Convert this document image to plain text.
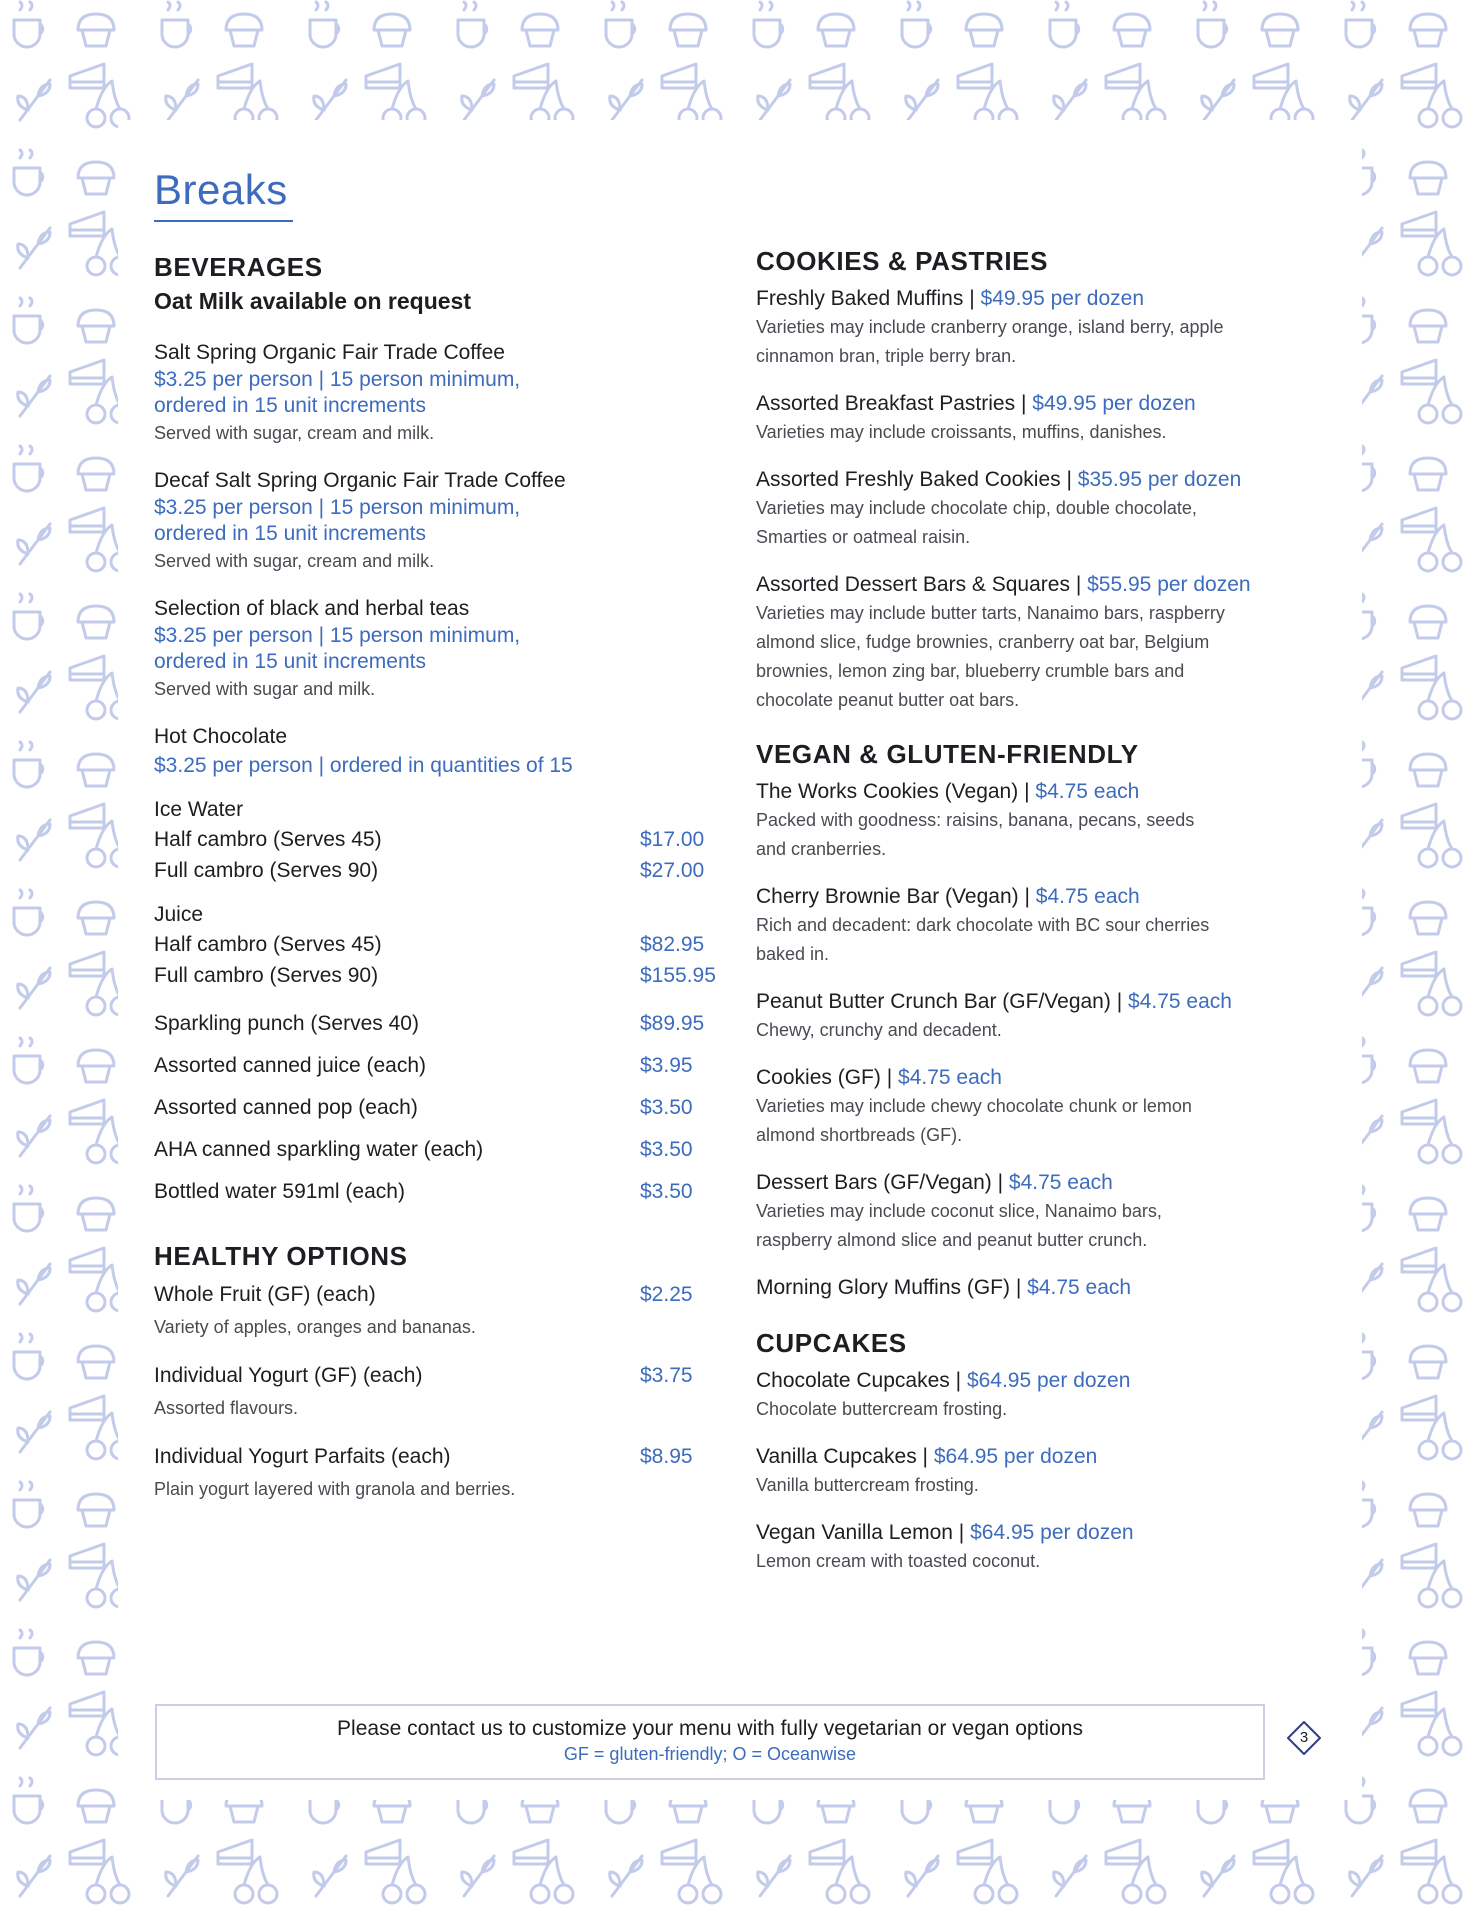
Breaks
BEVERAGES

Oat Milk available on request

Salt Spring Organic Fair Trade Coffee

$3.25 per person | 15 person minimum,

ordered in 15 unit increments

Served with sugar, cream and milk.

Decaf Salt Spring Organic Fair Trade Coffee

$3.25 per person | 15 person minimum,

ordered in 15 unit increments

Served with sugar, cream and milk.

Selection of black and herbal teas

$3.25 per person | 15 person minimum,

ordered in 15 unit increments

Served with sugar and milk.

Hot Chocolate

$3.25 per person | ordered in quantities of 15

Ice Water

Half cambro (Serves 45)	$17.00
Full cambro (Serves 90)	$27.00

Juice

Half cambro (Serves 45)	$82.95
Full cambro (Serves 90)	$155.95
Sparkling punch (Serves 40)	$89.95
Assorted canned juice (each)	$3.95
Assorted canned pop (each)	$3.50
AHA canned sparkling water (each)	$3.50
Bottled water 591ml (each)	$3.50
HEALTHY OPTIONS
Whole Fruit (GF) (each)	$2.25

Variety of apples, oranges and bananas.

Individual Yogurt (GF) (each)	$3.75

Assorted flavours.

Individual Yogurt Parfaits (each)	$8.95

Plain yogurt layered with granola and berries.

COOKIES & PASTRIES

Freshly Baked Muffins | $49.95 per dozen

Varieties may include cranberry orange, island berry, apple

cinnamon bran, triple berry bran.

Assorted Breakfast Pastries | $49.95 per dozen

Varieties may include croissants, muffins, danishes.

Assorted Freshly Baked Cookies | $35.95 per dozen

Varieties may include chocolate chip, double chocolate,

Smarties or oatmeal raisin.

Assorted Dessert Bars & Squares | $55.95 per dozen

Varieties may include butter tarts, Nanaimo bars, raspberry

almond slice, fudge brownies, cranberry oat bar, Belgium

brownies, lemon zing bar, blueberry crumble bars and

chocolate peanut butter oat bars.

VEGAN & GLUTEN-FRIENDLY

The Works Cookies (Vegan) | $4.75 each

Packed with goodness: raisins, banana, pecans, seeds

and cranberries.

Cherry Brownie Bar (Vegan) | $4.75 each

Rich and decadent: dark chocolate with BC sour cherries

baked in.

Peanut Butter Crunch Bar (GF/Vegan) | $4.75 each

Chewy, crunchy and decadent.

Cookies (GF) | $4.75 each

Varieties may include chewy chocolate chunk or lemon

almond shortbreads (GF).

Dessert Bars (GF/Vegan) | $4.75 each

Varieties may include coconut slice, Nanaimo bars,

raspberry almond slice and peanut butter crunch.

Morning Glory Muffins (GF) | $4.75 each

CUPCAKES

Chocolate Cupcakes | $64.95 per dozen

Chocolate buttercream frosting.

Vanilla Cupcakes | $64.95 per dozen

Vanilla buttercream frosting.

Vegan Vanilla Lemon | $64.95 per dozen

Lemon cream with toasted coconut.

Please contact us to customize your menu with fully vegetarian or vegan options
GF = gluten-friendly; O = Oceanwise
3
